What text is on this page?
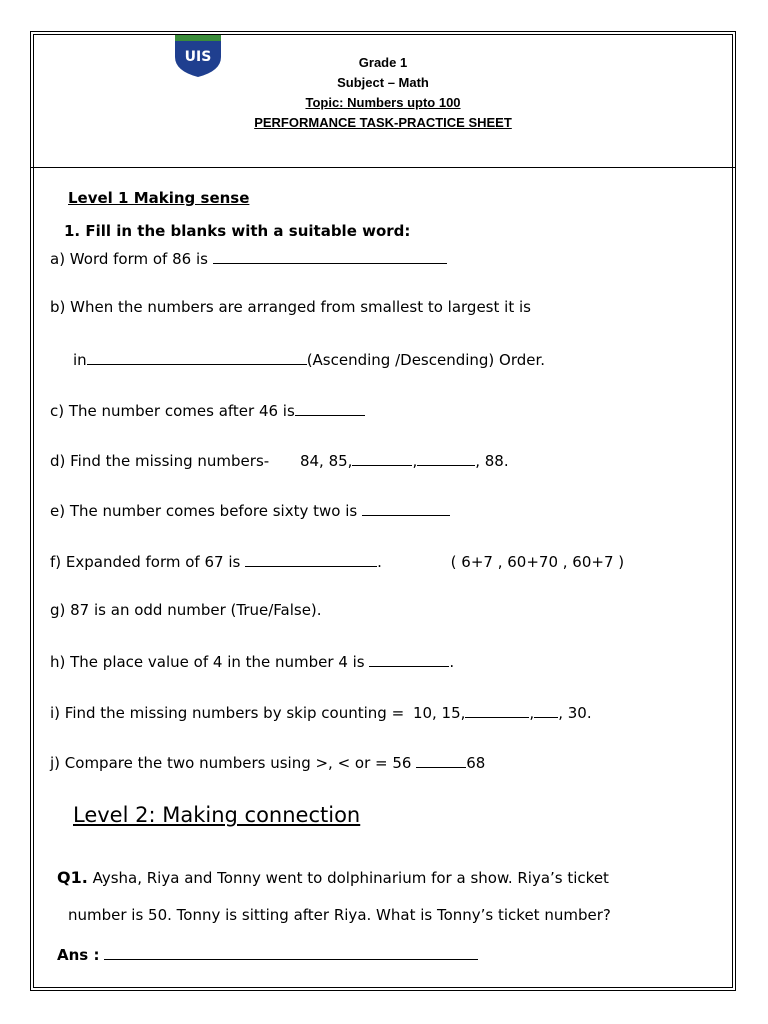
UIS	Grade 1
Subject – Math
Topic: Numbers upto 100
PERFORMANCE TASK-PRACTICE SHEET
Level 1 Making sense
1. Fill in the blanks with a suitable word:
a) Word form of 86 is
b) When the numbers are arranged from smallest to largest it is
in	(Ascending /Descending) Order.
c) The number comes after 46 is
d) Find the missing numbers- 84, 85,	,	, 88.
e) The number comes before sixty two is
f) Expanded form of 67 is	.	( 6+7 , 60+70 , 60+7 )
g) 87 is an odd number (True/False).
h) The place value of 4 in the number 4 is	.
i) Find the missing numbers by skip counting = 10, 15,	, , 30.
j) Compare the two numbers using >, < or = 56	68
Level 2: Making connection
Q1. Aysha, Riya and Tonny went to dolphinarium for a show. Riya’s ticket
number is 50. Tonny is sitting after Riya. What is Tonny’s ticket number?
Ans :
